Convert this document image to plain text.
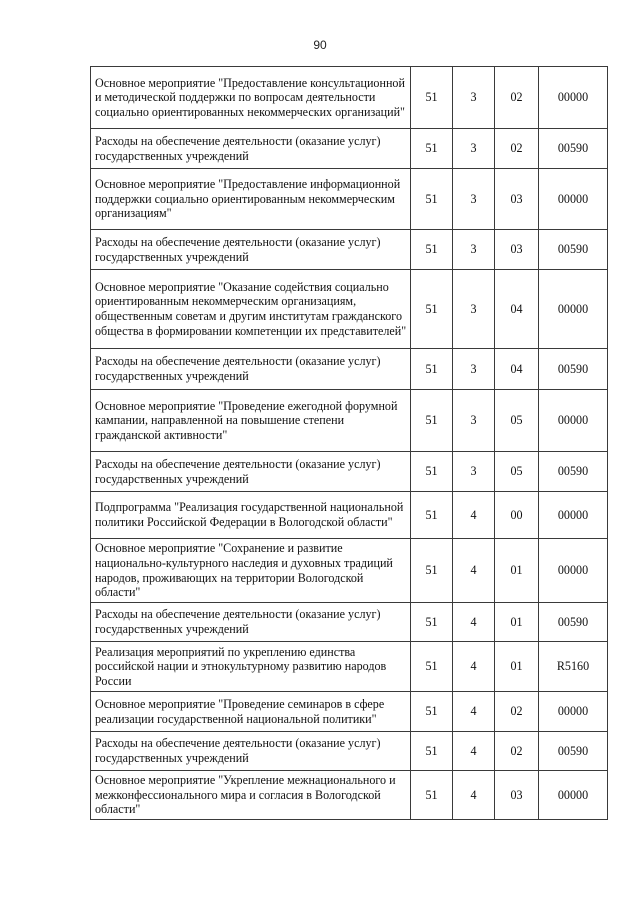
90
Основное мероприятие "Предоставление консультационной и методической поддержки по вопросам деятельности социально ориентированных некоммерческих организаций"	51	3	02	00000
Расходы на обеспечение деятельности (оказание услуг) государственных учреждений	51	3	02	00590
Основное мероприятие "Предоставление информационной поддержки социально ориентированным некоммерческим организациям"	51	3	03	00000
Расходы на обеспечение деятельности (оказание услуг) государственных учреждений	51	3	03	00590
Основное мероприятие "Оказание содействия социально ориентированным некоммерческим организациям, общественным советам и другим институтам гражданского общества в формировании компетенции их представителей"	51	3	04	00000
Расходы на обеспечение деятельности (оказание услуг) государственных учреждений	51	3	04	00590
Основное мероприятие "Проведение ежегодной форумной кампании, направленной на повышение степени гражданской активности"	51	3	05	00000
Расходы на обеспечение деятельности (оказание услуг) государственных учреждений	51	3	05	00590
Подпрограмма "Реализация государственной национальной политики Российской Федерации в Вологодской области"	51	4	00	00000
Основное мероприятие "Сохранение и развитие национально-культурного наследия и духовных традиций народов, проживающих на территории Вологодской области"	51	4	01	00000
Расходы на обеспечение деятельности (оказание услуг) государственных учреждений	51	4	01	00590
Реализация мероприятий по укреплению единства российской нации и этнокультурному развитию народов России	51	4	01	R5160
Основное мероприятие "Проведение семинаров в сфере реализации государственной национальной политики"	51	4	02	00000
Расходы на обеспечение деятельности (оказание услуг) государственных учреждений	51	4	02	00590
Основное мероприятие "Укрепление межнационального и межконфессионального мира и согласия в Вологодской области"	51	4	03	00000
